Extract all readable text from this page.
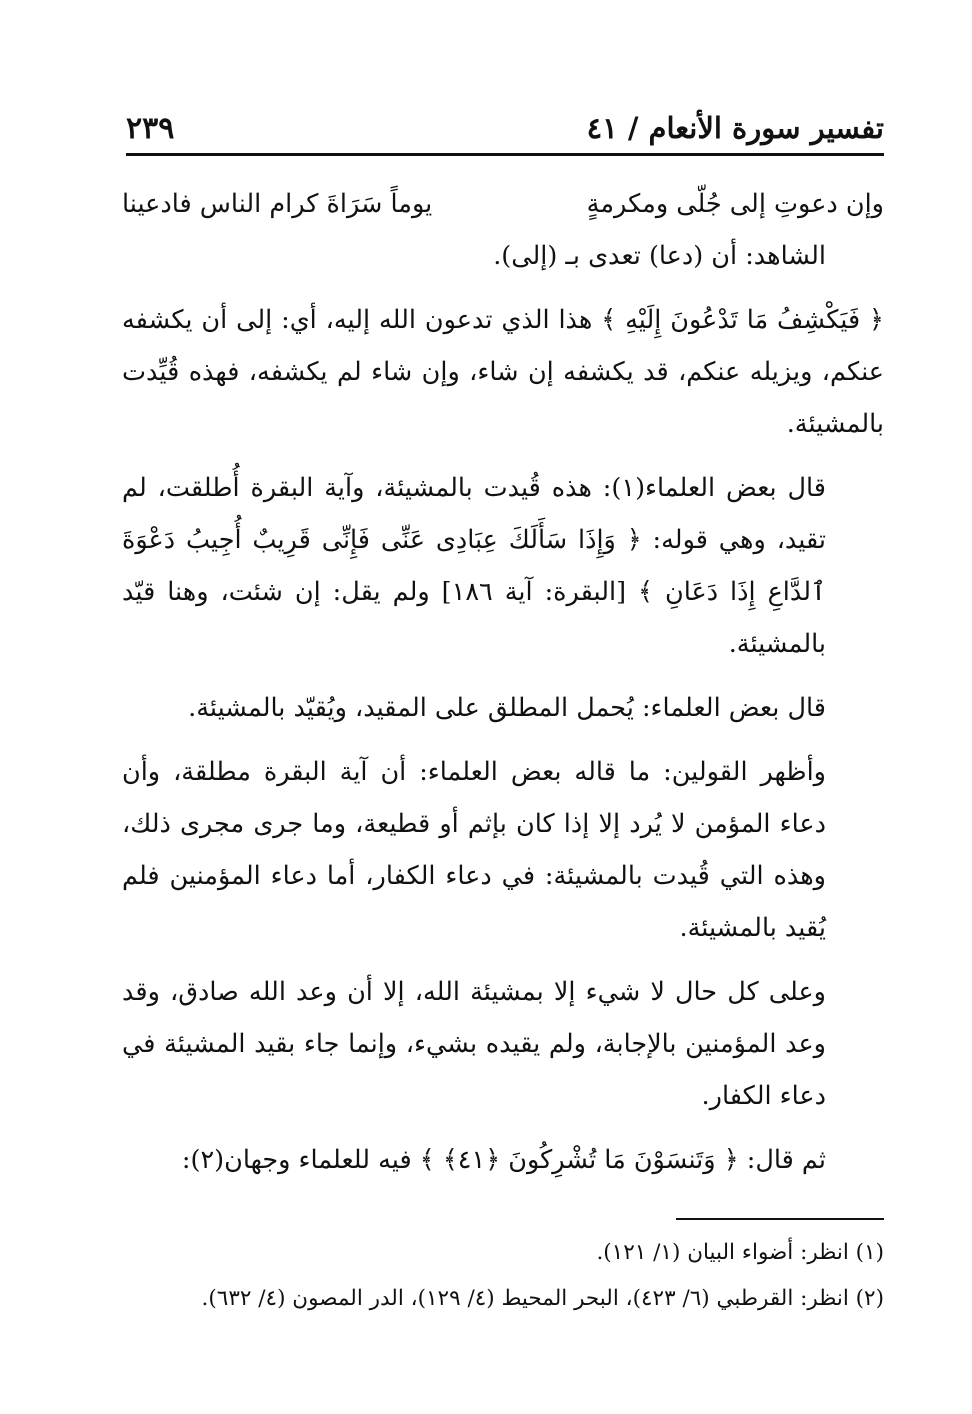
تفسير سورة الأنعام / ٤١
٢٣٩
وإن دعوتِ إلى جُلّى ومكرمةٍ
يوماً سَرَاةَ كرام الناس فادعينا

الشاهد: أن (دعا) تعدى بـ (إلى).

﴿ فَيَكْشِفُ مَا تَدْعُونَ إِلَيْهِ ﴾ هذا الذي تدعون الله إليه، أي: إلى أن يكشفه عنكم، ويزيله عنكم، قد يكشفه إن شاء، وإن شاء لم يكشفه، فهذه قُيِّدت بالمشيئة.

قال بعض العلماء(١): هذه قُيدت بالمشيئة، وآية البقرة أُطلقت، لم تقيد، وهي قوله: ﴿ وَإِذَا سَأَلَكَ عِبَادِى عَنِّى فَإِنِّى قَرِيبٌ أُجِيبُ دَعْوَةَ ٱلدَّاعِ إِذَا دَعَانِ ﴾ [البقرة: آية ١٨٦] ولم يقل: إن شئت، وهنا قيّد بالمشيئة.

قال بعض العلماء: يُحمل المطلق على المقيد، ويُقيّد بالمشيئة.

وأظهر القولين: ما قاله بعض العلماء: أن آية البقرة مطلقة، وأن دعاء المؤمن لا يُرد إلا إذا كان بإثم أو قطيعة، وما جرى مجرى ذلك، وهذه التي قُيدت بالمشيئة: في دعاء الكفار، أما دعاء المؤمنين فلم يُقيد بالمشيئة.

وعلى كل حال لا شيء إلا بمشيئة الله، إلا أن وعد الله صادق، وقد وعد المؤمنين بالإجابة، ولم يقيده بشيء، وإنما جاء بقيد المشيئة في دعاء الكفار.

ثم قال: ﴿ وَتَنسَوْنَ مَا تُشْرِكُونَ ﴿٤١﴾ ﴾ فيه للعلماء وجهان(٢):

(١) انظر: أضواء البيان (١/ ١٢١).

(٢) انظر: القرطبي (٦/ ٤٢٣)، البحر المحيط (٤/ ١٢٩)، الدر المصون (٤/ ٦٣٢).
